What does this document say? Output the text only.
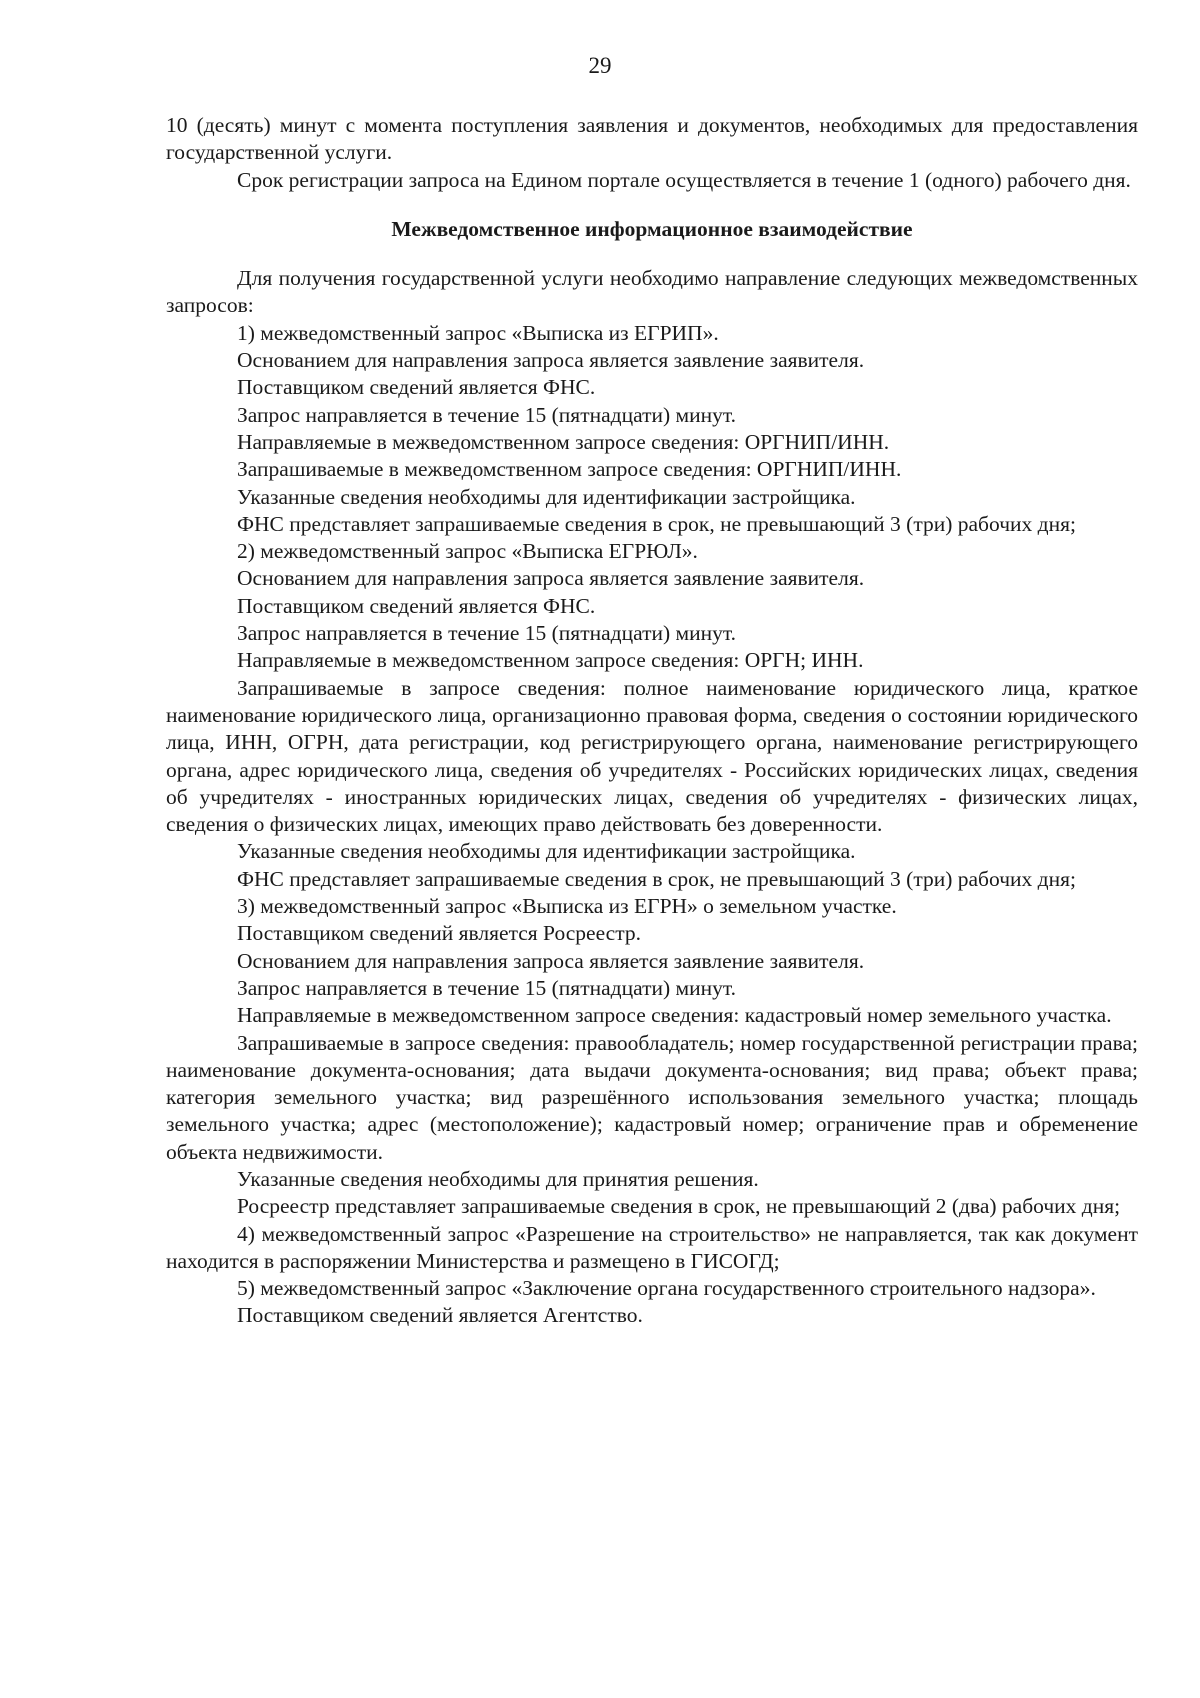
29

10 (десять) минут с момента поступления заявления и документов, необходимых для предоставления государственной услуги.

Срок регистрации запроса на Едином портале осуществляется в течение 1 (одного) рабочего дня.

Межведомственное информационное взаимодействие

Для получения государственной услуги необходимо направление следующих межведомственных запросов:

1) межведомственный запрос «Выписка из ЕГРИП».

Основанием для направления запроса является заявление заявителя.

Поставщиком сведений является ФНС.

Запрос направляется в течение 15 (пятнадцати) минут.

Направляемые в межведомственном запросе сведения: ОРГНИП/ИНН.

Запрашиваемые в межведомственном запросе сведения: ОРГНИП/ИНН.

Указанные сведения необходимы для идентификации застройщика.

ФНС представляет запрашиваемые сведения в срок, не превышающий 3 (три) рабочих дня;

2) межведомственный запрос «Выписка ЕГРЮЛ».

Основанием для направления запроса является заявление заявителя.

Поставщиком сведений является ФНС.

Запрос направляется в течение 15 (пятнадцати) минут.

Направляемые в межведомственном запросе сведения: ОРГН; ИНН.

Запрашиваемые в запросе сведения: полное наименование юридического лица, краткое наименование юридического лица, организационно правовая форма, сведения о состоянии юридического лица, ИНН, ОГРН, дата регистрации, код регистрирующего органа, наименование регистрирующего органа, адрес юридического лица, сведения об учредителях - Российских юридических лицах, сведения об учредителях - иностранных юридических лицах, сведения об учредителях - физических лицах, сведения о физических лицах, имеющих право действовать без доверенности.

Указанные сведения необходимы для идентификации застройщика.

ФНС представляет запрашиваемые сведения в срок, не превышающий 3 (три) рабочих дня;

3) межведомственный запрос «Выписка из ЕГРН» о земельном участке.

Поставщиком сведений является Росреестр.

Основанием для направления запроса является заявление заявителя.

Запрос направляется в течение 15 (пятнадцати) минут.

Направляемые в межведомственном запросе сведения: кадастровый номер земельного участка.

Запрашиваемые в запросе сведения: правообладатель; номер государственной регистрации права; наименование документа-основания; дата выдачи документа-основания; вид права; объект права; категория земельного участка; вид разрешённого использования земельного участка; площадь земельного участка; адрес (местоположение); кадастровый номер; ограничение прав и обременение объекта недвижимости.

Указанные сведения необходимы для принятия решения.

Росреестр представляет запрашиваемые сведения в срок, не превышающий 2 (два) рабочих дня;

4) межведомственный запрос «Разрешение на строительство» не направляется, так как документ находится в распоряжении Министерства и размещено в ГИСОГД;

5) межведомственный запрос «Заключение органа государственного строительного надзора».

Поставщиком сведений является Агентство.
